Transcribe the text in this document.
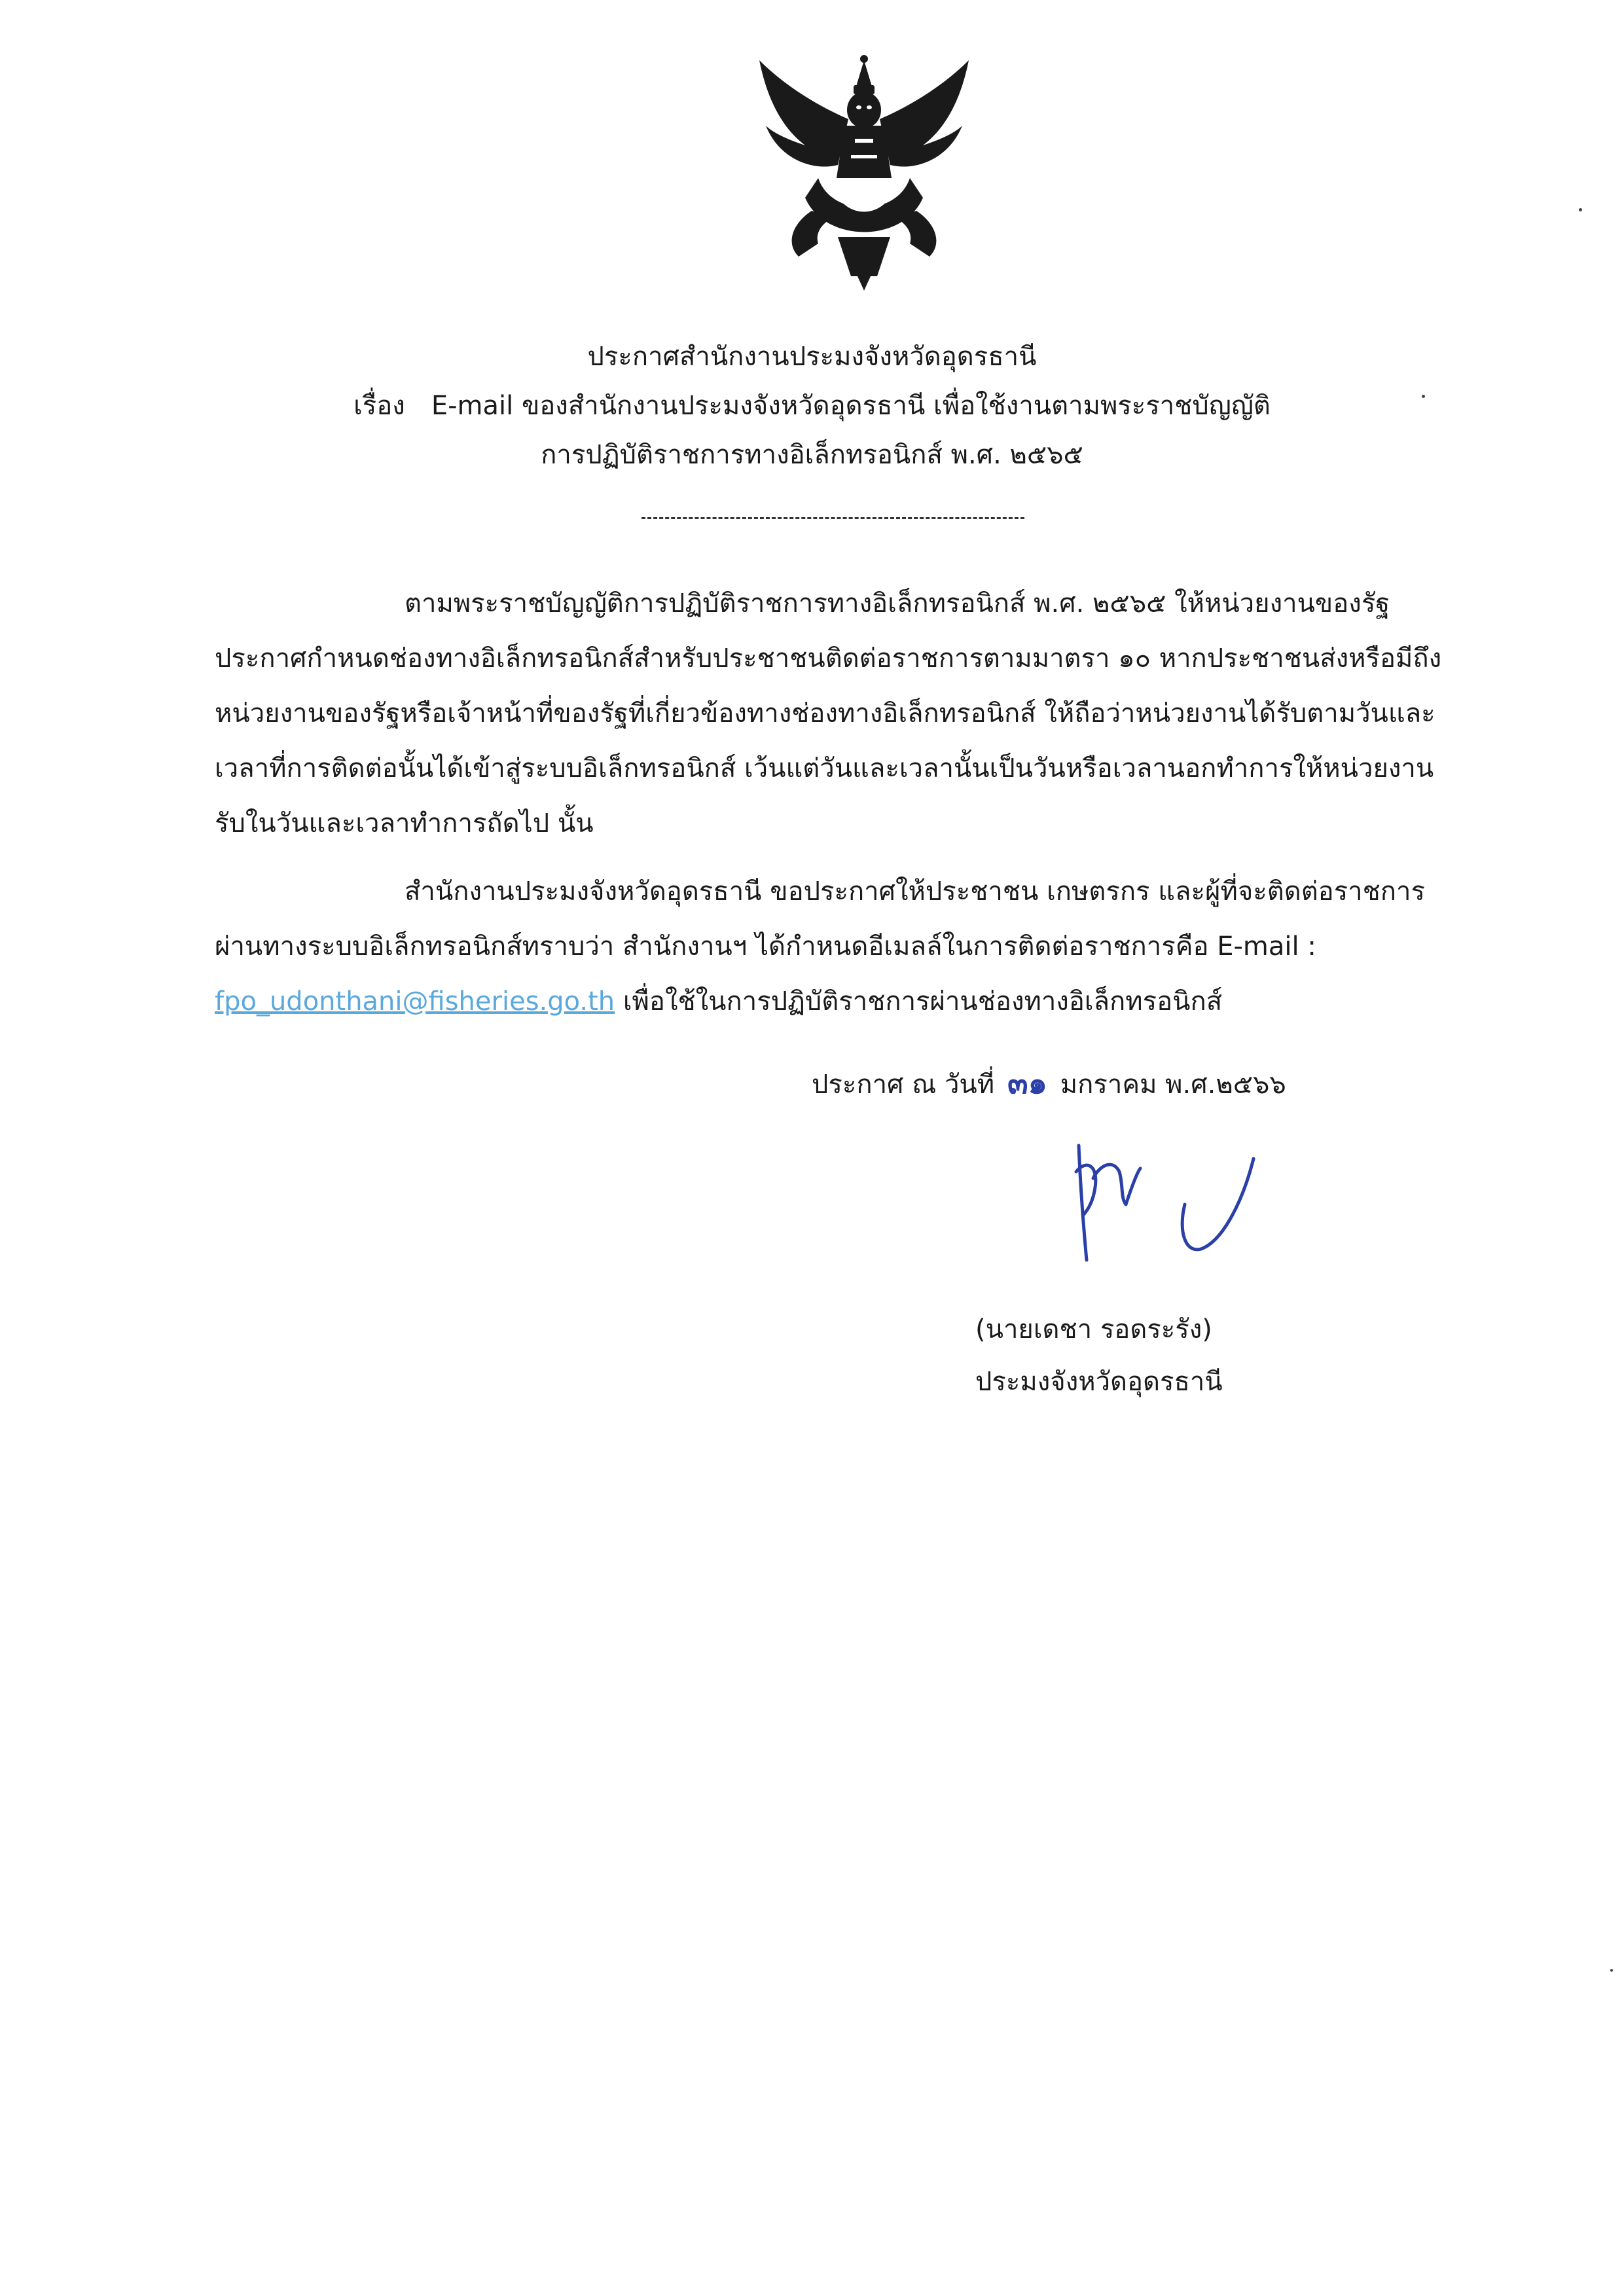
ประกาศสำนักงานประมงจังหวัดอุดรธานี
เรื่อง E-mail ของสำนักงานประมงจังหวัดอุดรธานี เพื่อใช้งานตามพระราชบัญญัติ
การปฏิบัติราชการทางอิเล็กทรอนิกส์ พ.ศ. ๒๕๖๕
ตามพระราชบัญญัติการปฏิบัติราชการทางอิเล็กทรอนิกส์ พ.ศ. ๒๕๖๕ ให้หน่วยงานของรัฐ
ประกาศกำหนดช่องทางอิเล็กทรอนิกส์สำหรับประชาชนติดต่อราชการตามมาตรา ๑๐ หากประชาชนส่งหรือมีถึง
หน่วยงานของรัฐหรือเจ้าหน้าที่ของรัฐที่เกี่ยวข้องทางช่องทางอิเล็กทรอนิกส์ ให้ถือว่าหน่วยงานได้รับตามวันและ
เวลาที่การติดต่อนั้นได้เข้าสู่ระบบอิเล็กทรอนิกส์ เว้นแต่วันและเวลานั้นเป็นวันหรือเวลานอกทำการให้หน่วยงาน
รับในวันและเวลาทำการถัดไป นั้น
สำนักงานประมงจังหวัดอุดรธานี ขอประกาศให้ประชาชน เกษตรกร และผู้ที่จะติดต่อราชการ
ผ่านทางระบบอิเล็กทรอนิกส์ทราบว่า สำนักงานฯ ได้กำหนดอีเมลล์ในการติดต่อราชการคือ E-mail :
fpo_udonthani@fisheries.go.th เพื่อใช้ในการปฏิบัติราชการผ่านช่องทางอิเล็กทรอนิกส์
ประกาศ ณ วันที่ ๓๑ มกราคม พ.ศ.๒๕๖๖
(นายเดชา รอดระรัง)
ประมงจังหวัดอุดรธานี
